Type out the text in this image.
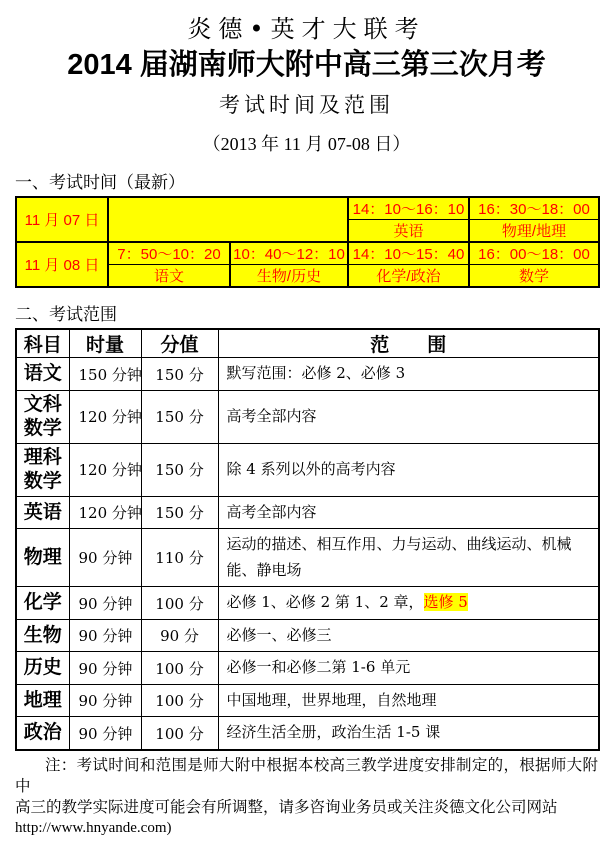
炎德•英才大联考
2014 届湖南师大附中高三第三次月考
考试时间及范围
（2013 年 11 月 07-08 日）
一、考试时间（最新）
11 月 07 日			14：10～16：10	16：30～18：00
			英语	物理/地理
11 月 08 日	7：50～10：20	10：40～12：10	14：10～15：40	16：00～18：00
	语文	生物/历史	化学/政治	数学
二、考试范围
科目	时量	分值	范　　围
语文	150 分钟	150 分	默写范围：必修 2、必修 3
文科数学	120 分钟	150 分	高考全部内容
理科数学	120 分钟	150 分	除 4 系列以外的高考内容
英语	120 分钟	150 分	高考全部内容
物理	90 分钟	110 分	运动的描述、相互作用、力与运动、曲线运动、机械能、静电场
化学	90 分钟	100 分	必修 1、必修 2 第 1、2 章，选修 5
生物	90 分钟	90 分	必修一、必修三
历史	90 分钟	100 分	必修一和必修二第 1-6 单元
地理	90 分钟	100 分	中国地理，世界地理，自然地理
政治	90 分钟	100 分	经济生活全册，政治生活 1-5 课
注：考试时间和范围是师大附中根据本校高三教学进度安排制定的，根据师大附中
高三的教学实际进度可能会有所调整，请多咨询业务员或关注炎德文化公司网站
http://www.hnyande.com)
